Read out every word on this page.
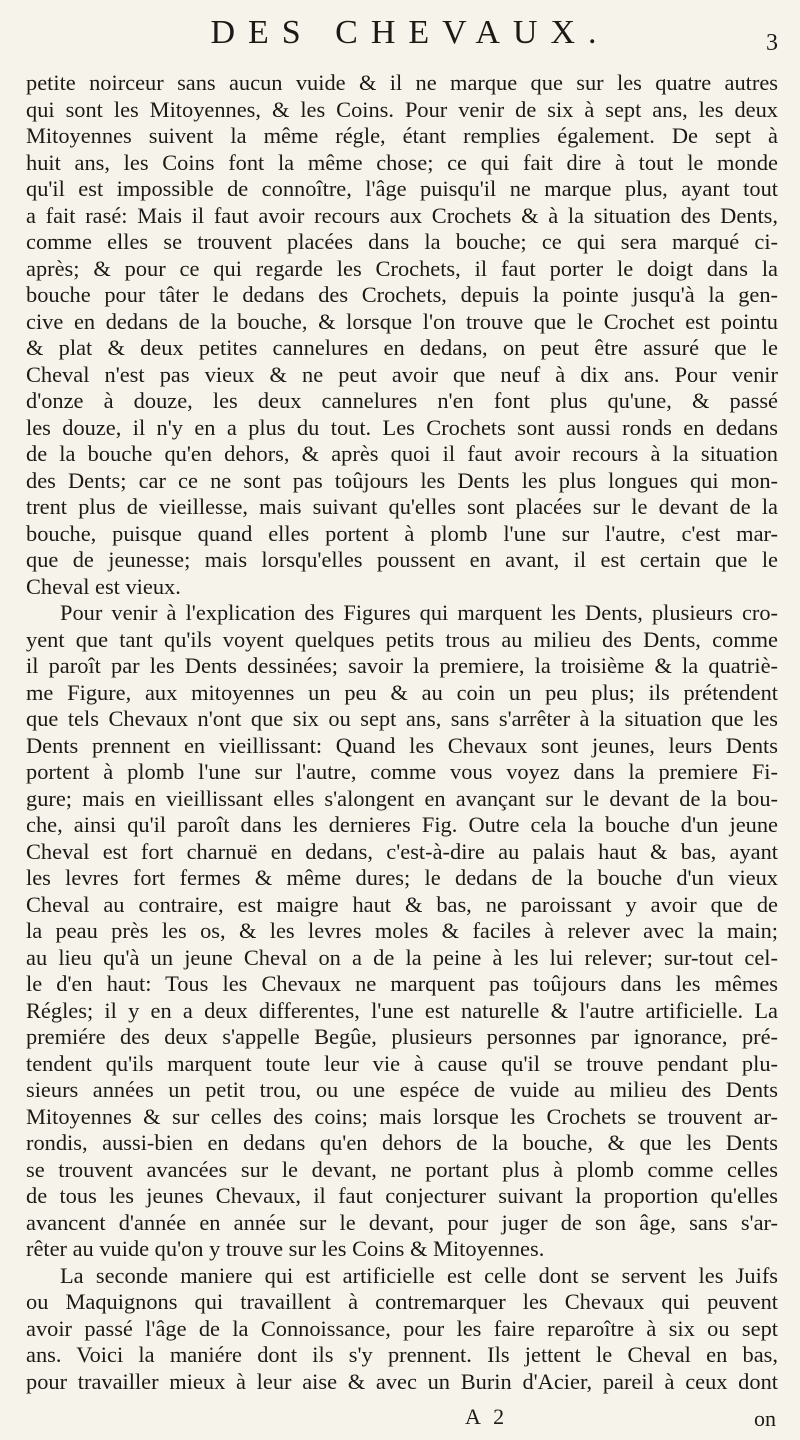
DES CHEVAUX.	3
petite noirceur sans aucun vuide & il ne marque que sur les quatre autres
qui sont les Mitoyennes, & les Coins. Pour venir de six à sept ans, les deux
Mitoyennes suivent la même régle, étant remplies également. De sept à
huit ans, les Coins font la même chose; ce qui fait dire à tout le monde
qu'il est impossible de connoître, l'âge puisqu'il ne marque plus, ayant tout
a fait rasé: Mais il faut avoir recours aux Crochets & à la situation des Dents,
comme elles se trouvent placées dans la bouche; ce qui sera marqué ci-
après; & pour ce qui regarde les Crochets, il faut porter le doigt dans la
bouche pour tâter le dedans des Crochets, depuis la pointe jusqu'à la gen-
cive en dedans de la bouche, & lorsque l'on trouve que le Crochet est pointu
& plat & deux petites cannelures en dedans, on peut être assuré que le
Cheval n'est pas vieux & ne peut avoir que neuf à dix ans. Pour venir
d'onze à douze, les deux cannelures n'en font plus qu'une, & passé
les douze, il n'y en a plus du tout. Les Crochets sont aussi ronds en dedans
de la bouche qu'en dehors, & après quoi il faut avoir recours à la situation
des Dents; car ce ne sont pas toûjours les Dents les plus longues qui mon-
trent plus de vieillesse, mais suivant qu'elles sont placées sur le devant de la
bouche, puisque quand elles portent à plomb l'une sur l'autre, c'est mar-
que de jeunesse; mais lorsqu'elles poussent en avant, il est certain que le
Cheval est vieux.
Pour venir à l'explication des Figures qui marquent les Dents, plusieurs cro-
yent que tant qu'ils voyent quelques petits trous au milieu des Dents, comme
il paroît par les Dents dessinées; savoir la premiere, la troisième & la quatriè-
me Figure, aux mitoyennes un peu & au coin un peu plus; ils prétendent
que tels Chevaux n'ont que six ou sept ans, sans s'arrêter à la situation que les
Dents prennent en vieillissant: Quand les Chevaux sont jeunes, leurs Dents
portent à plomb l'une sur l'autre, comme vous voyez dans la premiere Fi-
gure; mais en vieillissant elles s'alongent en avançant sur le devant de la bou-
che, ainsi qu'il paroît dans les dernieres Fig. Outre cela la bouche d'un jeune
Cheval est fort charnuë en dedans, c'est-à-dire au palais haut & bas, ayant
les levres fort fermes & même dures; le dedans de la bouche d'un vieux
Cheval au contraire, est maigre haut & bas, ne paroissant y avoir que de
la peau près les os, & les levres moles & faciles à relever avec la main;
au lieu qu'à un jeune Cheval on a de la peine à les lui relever; sur-tout cel-
le d'en haut: Tous les Chevaux ne marquent pas toûjours dans les mêmes
Régles; il y en a deux differentes, l'une est naturelle & l'autre artificielle. La
premiére des deux s'appelle Begûe, plusieurs personnes par ignorance, pré-
tendent qu'ils marquent toute leur vie à cause qu'il se trouve pendant plu-
sieurs années un petit trou, ou une espéce de vuide au milieu des Dents
Mitoyennes & sur celles des coins; mais lorsque les Crochets se trouvent ar-
rondis, aussi-bien en dedans qu'en dehors de la bouche, & que les Dents
se trouvent avancées sur le devant, ne portant plus à plomb comme celles
de tous les jeunes Chevaux, il faut conjecturer suivant la proportion qu'elles
avancent d'année en année sur le devant, pour juger de son âge, sans s'ar-
rêter au vuide qu'on y trouve sur les Coins & Mitoyennes.
La seconde maniere qui est artificielle est celle dont se servent les Juifs
ou Maquignons qui travaillent à contremarquer les Chevaux qui peuvent
avoir passé l'âge de la Connoissance, pour les faire reparoître à six ou sept
ans. Voici la maniére dont ils s'y prennent. Ils jettent le Cheval en bas,
pour travailler mieux à leur aise & avec un Burin d'Acier, pareil à ceux dont
A 2	on
